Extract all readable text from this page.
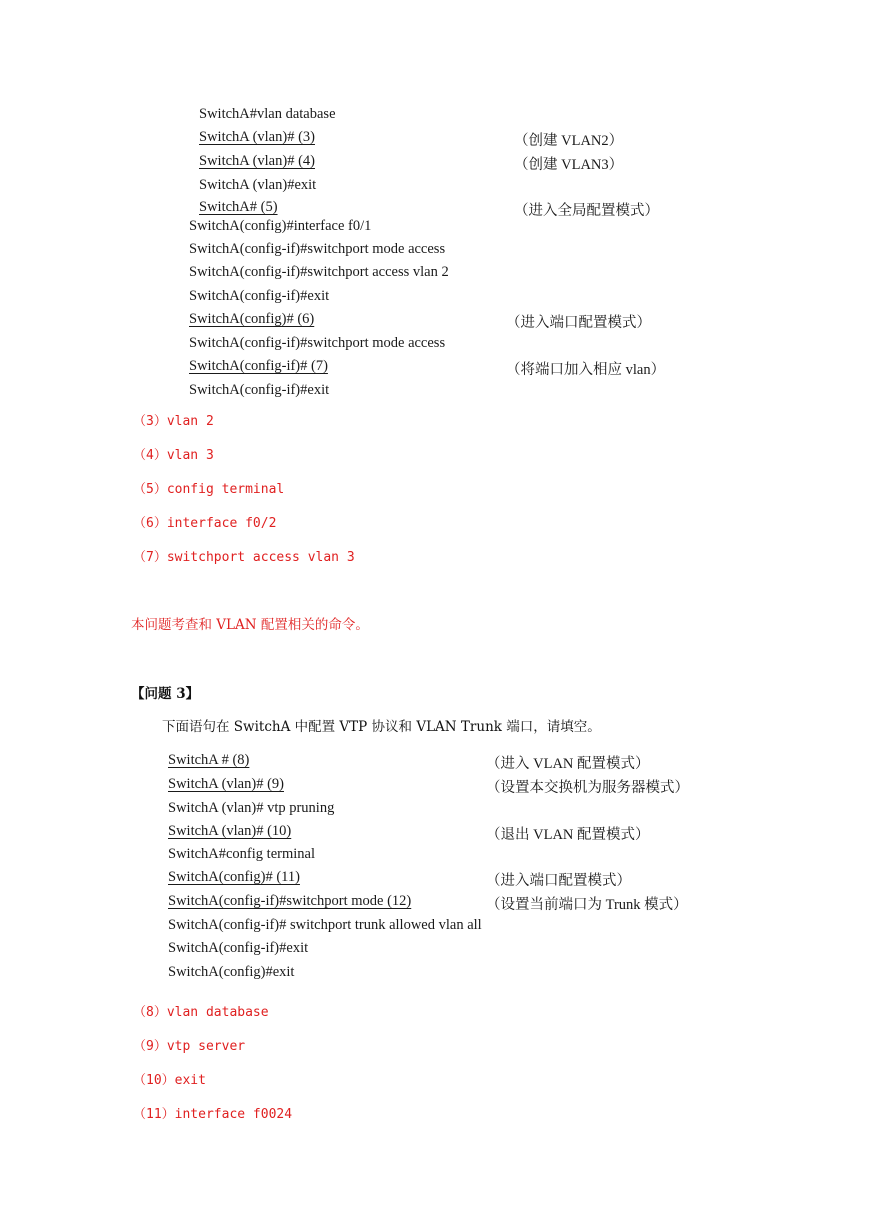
SwitchA#vlan database
SwitchA (vlan)# (3)
SwitchA (vlan)# (4)
SwitchA (vlan)#exit
SwitchA# (5)
SwitchA(config)#interface f0/1
SwitchA(config-if)#switchport mode access
SwitchA(config-if)#switchport access vlan 2
SwitchA(config-if)#exit
SwitchA(config)# (6)
SwitchA(config-if)#switchport mode access
SwitchA(config-if)# (7)
SwitchA(config-if)#exit
（创建 VLAN2）
（创建 VLAN3）
（进入全局配置模式）
（进入端口配置模式）
（将端口加入相应 vlan）
（3）vlan 2
（4）vlan 3
（5）config terminal
（6）interface f0/2
（7）switchport access vlan 3
本问题考查和 VLAN 配置相关的命令。
【问题 3】
下面语句在 SwitchA 中配置 VTP 协议和 VLAN Trunk 端口，请填空。
SwitchA # (8)
SwitchA (vlan)# (9)
SwitchA (vlan)# vtp pruning
SwitchA (vlan)# (10)
SwitchA#config terminal
SwitchA(config)# (11)
SwitchA(config-if)#switchport mode (12)
SwitchA(config-if)# switchport trunk allowed vlan all
SwitchA(config-if)#exit
SwitchA(config)#exit
（进入 VLAN 配置模式）
（设置本交换机为服务器模式）
（退出 VLAN 配置模式）
（进入端口配置模式）
（设置当前端口为 Trunk 模式）
（8）vlan database
（9）vtp server
（10）exit
（11）interface f0024
